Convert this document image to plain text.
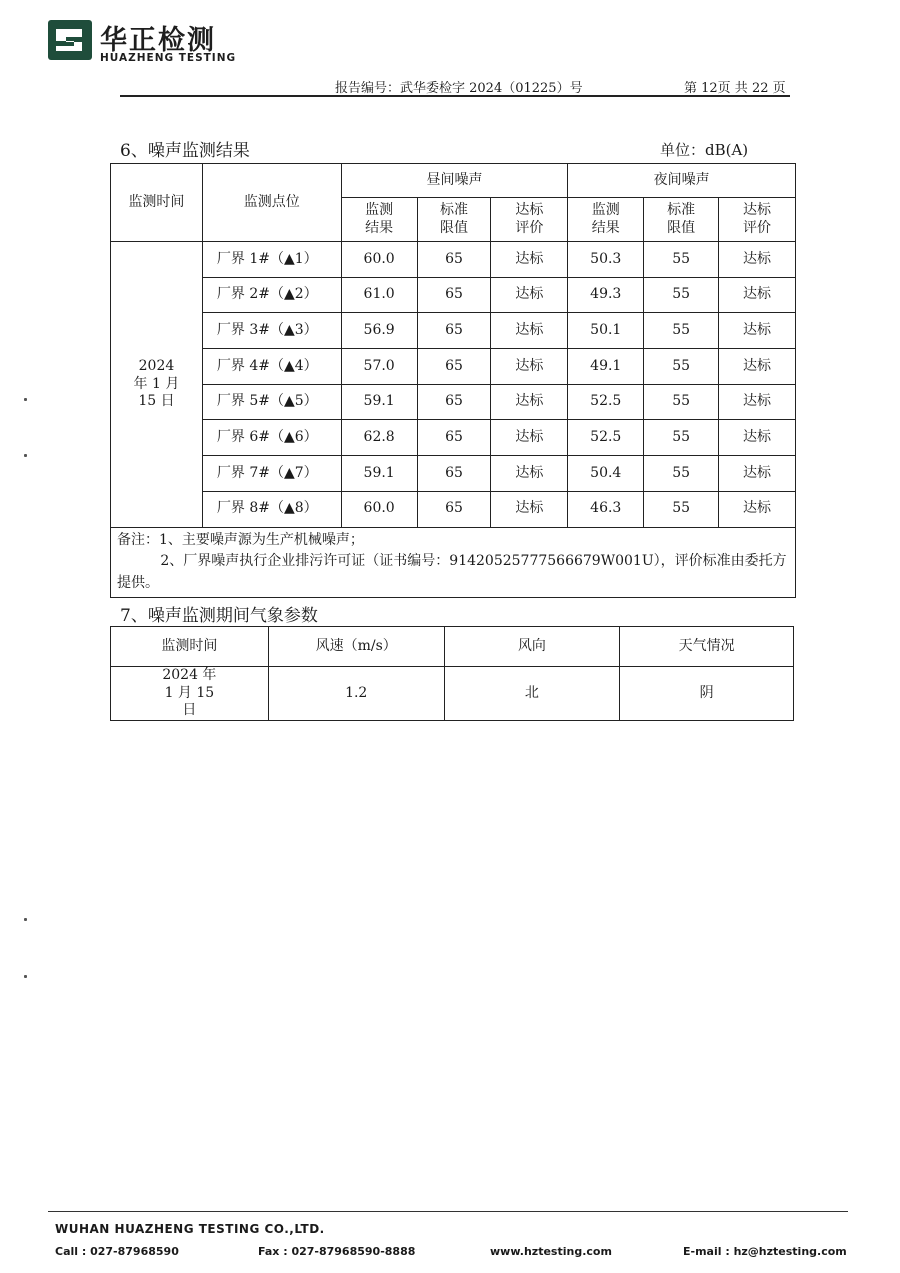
华正检测
HUAZHENG TESTING
报告编号：武华委检字 2024（01225）号	第 12页 共 22 页
6、噪声监测结果	单位：dB(A)
监测时间	监测点位	昼间噪声			夜间噪声		

		监测结果	标准限值	达标评价	监测结果	标准限值	达标评价

2024 年 1 月 15 日	厂界 1#（▲1）	60.0	65	达标	50.3	55	达标
	厂界 2#（▲2）	61.0	65	达标	49.3	55	达标
	厂界 3#（▲3）	56.9	65	达标	50.1	55	达标
	厂界 4#（▲4）	57.0	65	达标	49.1	55	达标
	厂界 5#（▲5）	59.1	65	达标	52.5	55	达标
	厂界 6#（▲6）	62.8	65	达标	52.5	55	达标
	厂界 7#（▲7）	59.1	65	达标	50.4	55	达标
	厂界 8#（▲8）	60.0	65	达标	46.3	55	达标

备注：1、主要噪声源为生产机械噪声；
2、厂界噪声执行企业排污许可证（证书编号：91420525777566679W001U），评价标准由委托方提供。							
7、噪声监测期间气象参数
监测时间	风速（m/s）	风向	天气情况

2024 年 1 月 15 日	1.2	北	阴
WUHAN HUAZHENG TESTING CO.,LTD.
Call : 027-87968590	Fax : 027-87968590-8888	www.hztesting.com	E-mail : hz@hztesting.com
